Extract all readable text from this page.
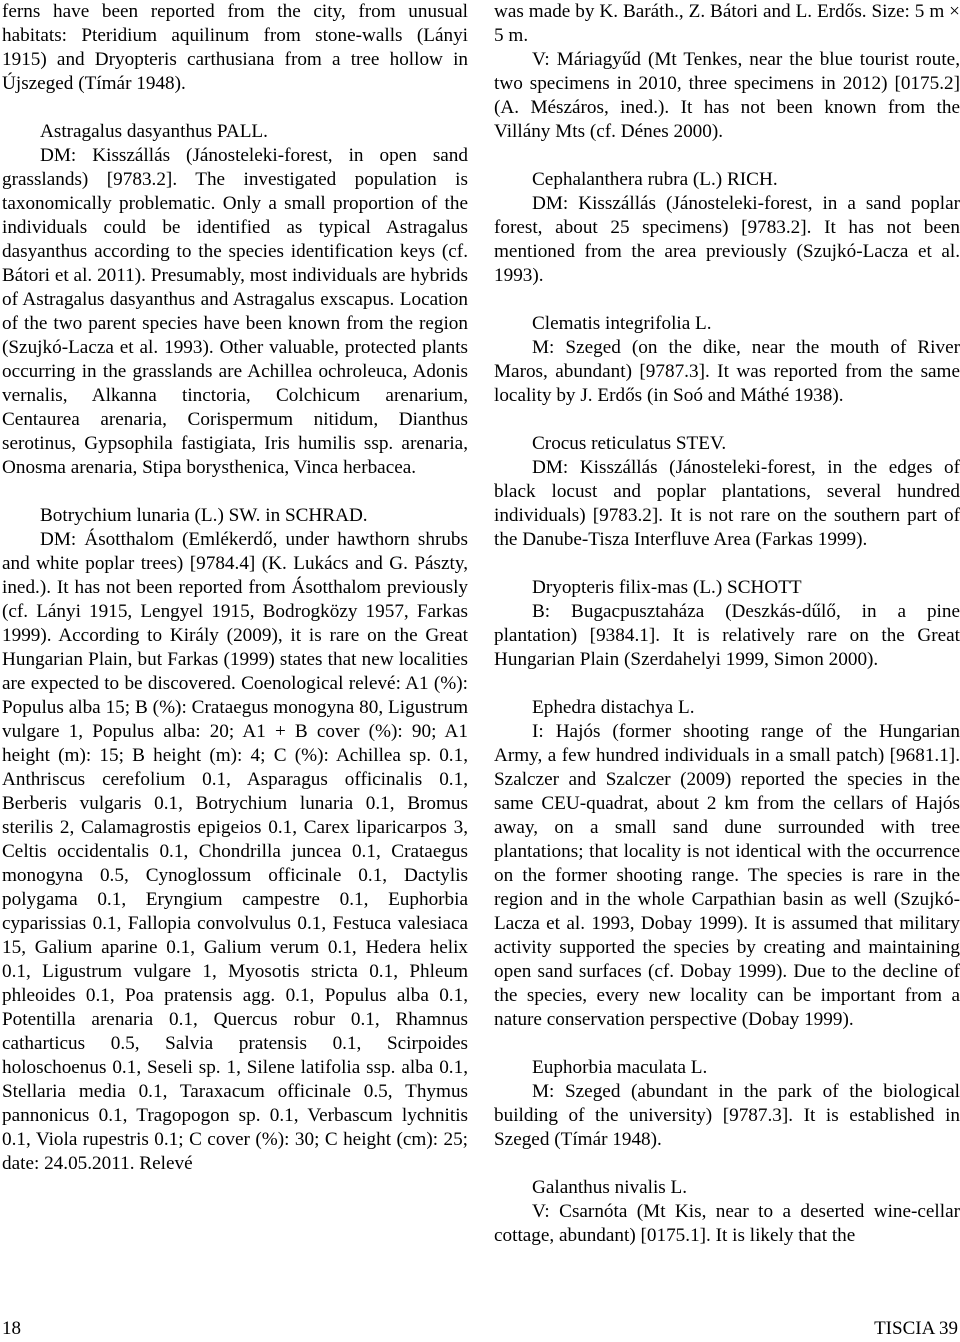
ferns have been reported from the city, from unusual habitats: Pteridium aquilinum from stone-walls (Lányi 1915) and Dryopteris carthusiana from a tree hollow in Újszeged (Tímár 1948).

Astragalus dasyanthus PALL.

DM: Kisszállás (Jánosteleki-forest, in open sand grasslands) [9783.2]. The investigated population is taxonomically problematic. Only a small proportion of the individuals could be identified as typical Astragalus dasyanthus according to the species identification keys (cf. Bátori et al. 2011). Presumably, most individuals are hybrids of Astragalus dasyanthus and Astragalus exscapus. Location of the two parent species have been known from the region (Szujkó-Lacza et al. 1993). Other valuable, protected plants occurring in the grasslands are Achillea ochroleuca, Adonis vernalis, Alkanna tinctoria, Colchicum arenarium, Centaurea arenaria, Corispermum nitidum, Dianthus serotinus, Gypsophila fastigiata, Iris humilis ssp. arenaria, Onosma arenaria, Stipa borysthenica, Vinca herbacea.

Botrychium lunaria (L.) SW. in SCHRAD.

DM: Ásotthalom (Emlékerdő, under hawthorn shrubs and white poplar trees) [9784.4] (K. Lukács and G. Pászty, ined.). It has not been reported from Ásotthalom previously (cf. Lányi 1915, Lengyel 1915, Bodrogközy 1957, Farkas 1999). According to Király (2009), it is rare on the Great Hungarian Plain, but Farkas (1999) states that new localities are expected to be discovered. Coenological relevé: A1 (%): Populus alba 15; B (%): Crataegus monogyna 80, Ligustrum vulgare 1, Populus alba: 20; A1 + B cover (%): 90; A1 height (m): 15; B height (m): 4; C (%): Achillea sp. 0.1, Anthriscus cerefolium 0.1, Asparagus officinalis 0.1, Berberis vulgaris 0.1, Botrychium lunaria 0.1, Bromus sterilis 2, Calamagrostis epigeios 0.1, Carex liparicarpos 3, Celtis occidentalis 0.1, Chondrilla juncea 0.1, Crataegus monogyna 0.5, Cynoglossum officinale 0.1, Dactylis polygama 0.1, Eryngium campestre 0.1, Euphorbia cyparissias 0.1, Fallopia convolvulus 0.1, Festuca valesiaca 15, Galium aparine 0.1, Galium verum 0.1, Hedera helix 0.1, Ligustrum vulgare 1, Myosotis stricta 0.1, Phleum phleoides 0.1, Poa pratensis agg. 0.1, Populus alba 0.1, Potentilla arenaria 0.1, Quercus robur 0.1, Rhamnus catharticus 0.5, Salvia pratensis 0.1, Scirpoides holoschoenus 0.1, Seseli sp. 1, Silene latifolia ssp. alba 0.1, Stellaria media 0.1, Taraxacum officinale 0.5, Thymus pannonicus 0.1, Tragopogon sp. 0.1, Verbascum lychnitis 0.1, Viola rupestris 0.1; C cover (%): 30; C height (cm): 25; date: 24.05.2011. Relevé

was made by K. Baráth., Z. Bátori and L. Erdős. Size: 5 m × 5 m.

V: Máriagyűd (Mt Tenkes, near the blue tourist route, two specimens in 2010, three specimens in 2012) [0175.2] (A. Mészáros, ined.). It has not been known from the Villány Mts (cf. Dénes 2000).

Cephalanthera rubra (L.) RICH.

DM: Kisszállás (Jánosteleki-forest, in a sand poplar forest, about 25 specimens) [9783.2]. It has not been mentioned from the area previously (Szujkó-Lacza et al. 1993).

Clematis integrifolia L.

M: Szeged (on the dike, near the mouth of River Maros, abundant) [9787.3]. It was reported from the same locality by J. Erdős (in Soó and Máthé 1938).

Crocus reticulatus STEV.

DM: Kisszállás (Jánosteleki-forest, in the edges of black locust and poplar plantations, several hundred individuals) [9783.2]. It is not rare on the southern part of the Danube-Tisza Interfluve Area (Farkas 1999).

Dryopteris filix-mas (L.) SCHOTT

B: Bugacpusztaháza (Deszkás-dűlő, in a pine plantation) [9384.1]. It is relatively rare on the Great Hungarian Plain (Szerdahelyi 1999, Simon 2000).

Ephedra distachya L.

I: Hajós (former shooting range of the Hungarian Army, a few hundred individuals in a small patch) [9681.1]. Szalczer and Szalczer (2009) reported the species in the same CEU-quadrat, about 2 km from the cellars of Hajós away, on a small sand dune surrounded with tree plantations; that locality is not identical with the occurrence on the former shooting range. The species is rare in the region and in the whole Carpathian basin as well (Szujkó-Lacza et al. 1993, Dobay 1999). It is assumed that military activity supported the species by creating and maintaining open sand surfaces (cf. Dobay 1999). Due to the decline of the species, every new locality can be important from a nature conservation perspective (Dobay 1999).

Euphorbia maculata L.

M: Szeged (abundant in the park of the biological building of the university) [9787.3]. It is established in Szeged (Tímár 1948).

Galanthus nivalis L.

V: Csarnóta (Mt Kis, near to a deserted wine-cellar cottage, abundant) [0175.1]. It is likely that the

18	TISCIA 39
